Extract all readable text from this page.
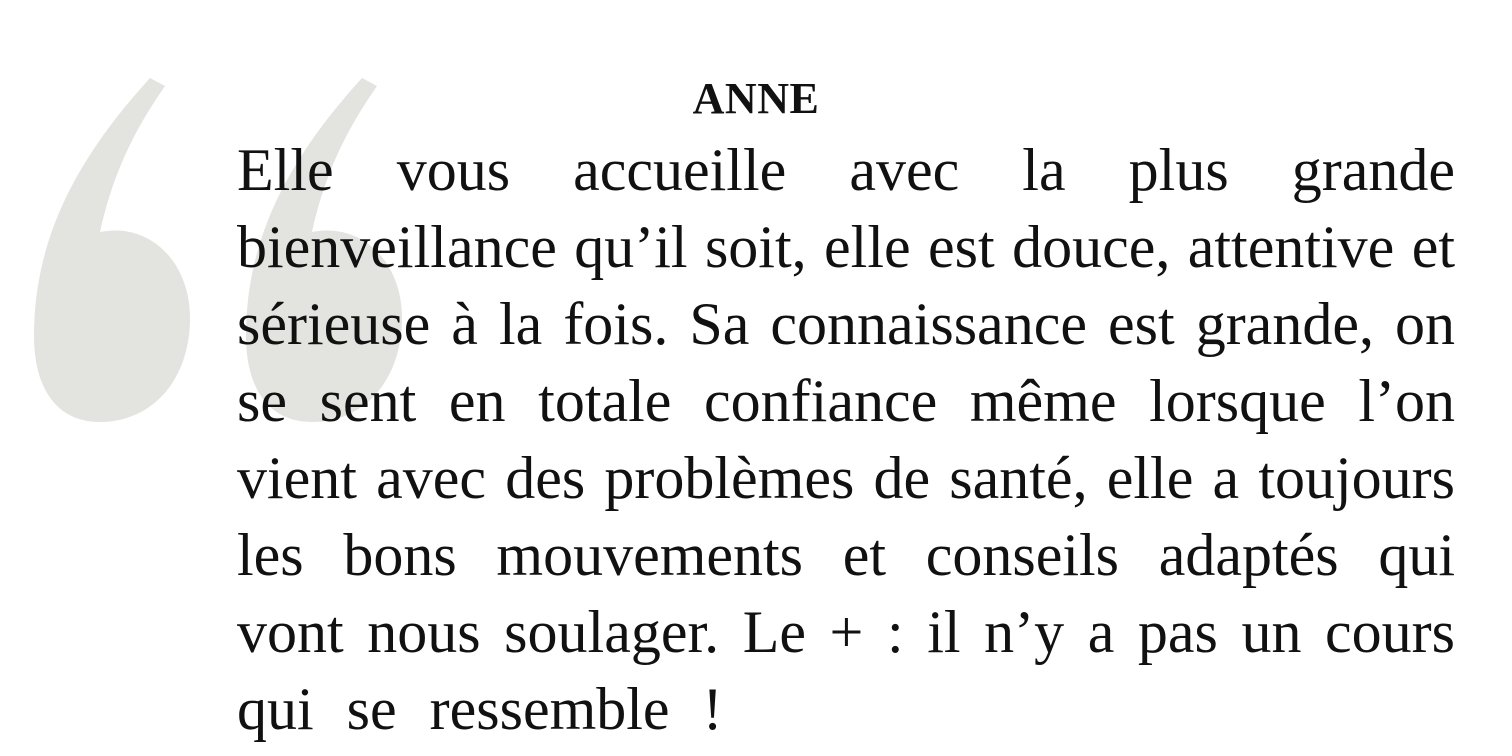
ANNE
Elle vous accueille avec la plus grande
bienveillance qu’il soit, elle est douce, attentive et
sérieuse à la fois. Sa connaissance est grande, on
se sent en totale confiance même lorsque l’on
vient avec des problèmes de santé, elle a toujours
les bons mouvements et conseils adaptés qui
vont nous soulager. Le + : il n’y a pas un cours
qui se ressemble !
